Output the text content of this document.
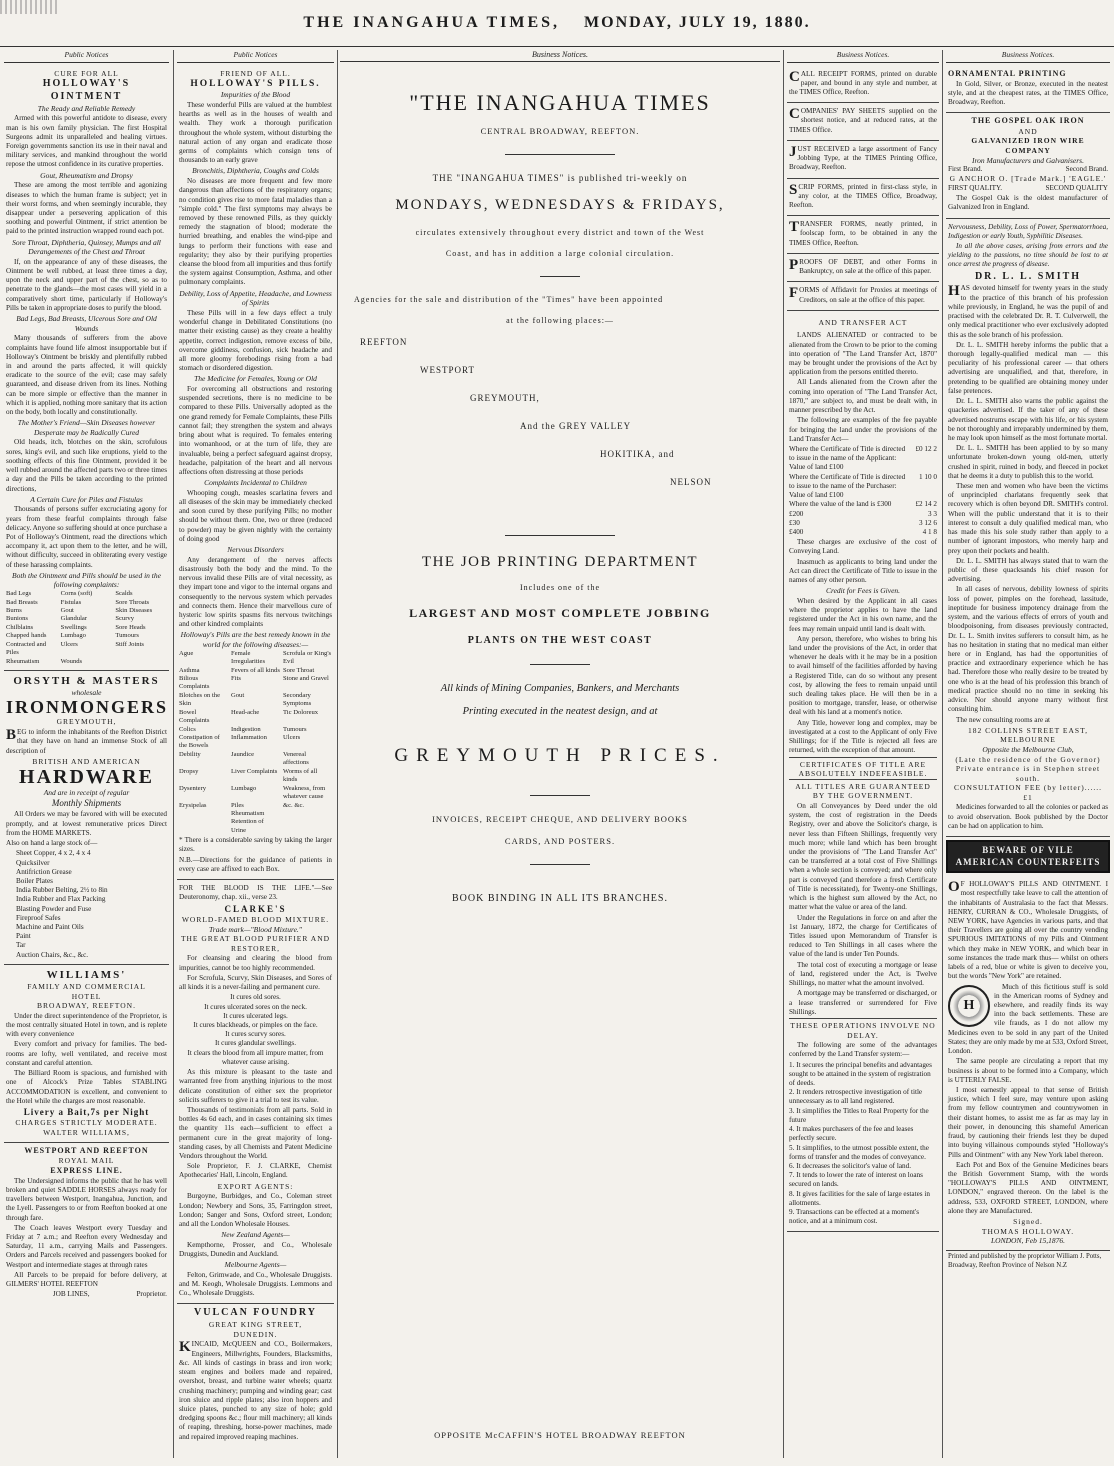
THE INANGAHUA TIMES, MONDAY, JULY 19, 1880.
Public Notices
CURE FOR ALL
HOLLOWAY'S OINTMENT
The Ready and Reliable Remedy

Armed with this powerful antidote to disease, every man is his own family physician. The first Hospital Surgeons admit its unparalleled and healing virtues. Foreign governments sanction its use in their naval and military services, and mankind throughout the world repose the utmost confidence in its curative properties.

Gout, Rheumatism and Dropsy

These are among the most terrible and agonizing diseases to which the human frame is subject; yet in their worst forms, and when seemingly incurable, they disappear under a persevering application of this soothing and powerful Ointment, if strict attention be paid to the printed instruction wrapped round each pot.

Sore Throat, Diphtheria, Quinsey, Mumps and all Derangements of the Chest and Throat

If, on the appearance of any of these diseases, the Ointment be well rubbed, at least three times a day, upon the neck and upper part of the chest, so as to penetrate to the glands—the most cases will yield in a comparatively short time, particularly if Holloway's Pills be taken in appropriate doses to purify the blood.

Bad Legs, Bad Breasts, Ulcerous Sore and Old Wounds

Many thousands of sufferers from the above complaints have found life almost insupportable but if Holloway's Ointment be briskly and plentifully rubbed in and around the parts affected, it will quickly eradicate to the source of the evil; case may safely guaranteed, and disease driven from its lines. Nothing can be more simple or effective than the manner in which it is applied, nothing more sanitary that its action on the body, both locally and constitutionally.

The Mother's Friend—Skin Diseases however Desperate may be Radically Cured

Old heads, itch, blotches on the skin, scrofulous sores, king's evil, and such like eruptions, yield to the soothing effects of this fine Ointment, provided it be well rubbed around the affected parts two or three times a day and the Pills be taken according to the printed directions,

A Certain Cure for Piles and Fistulas

Thousands of persons suffer excruciating agony for years from these fearful complaints through false delicacy. Anyone so suffering should at once purchase a Pot of Holloway's Ointment, read the directions which accompany it, act upon them to the letter, and he will, without difficulty, succeed in obliterating every vestige of these harassing complaints.

Both the Ointment and Pills should be used in the following complaints:
Bad Legs	Corns (soft)	Scalds
Bad Breasts	Fistulas	Sore Throats
Burns	Gout	Skin Diseases
Bunions	Glandular	Scurvy
Chilblains	Swellings	Sore Heads
Chapped hands	Lumbago	Tumours
Contracted and Piles
Ulcers	Stiff Joints
Rheumatism	Wounds
ORSYTH & MASTERS
wholesale
IRONMONGERS
GREYMOUTH,

BEG to inform the inhabitants of the Reefton District that they have on hand an immense Stock of all description of

BRITISH AND AMERICAN
HARDWARE
And are in receipt of regular
Monthly Shipments

All Orders we may be favored with will be executed promptly, and at lowest remunerative prices Direct from the HOME MARKETS.

Also on hand a large stock of—

Sheet Copper, 4 x 2, 4 x 4
Quicksilver
Antifriction Grease
Boiler Plates
India Rubber Belting, 2½ to 8in
India Rubber and Flax Packing
Blasting Powder and Fuse
Fireproof Safes
Machine and Paint Oils
Paint
Tar
Auction Chairs, &c., &c.
WILLIAMS'
FAMILY AND COMMERCIAL
HOTEL
BROADWAY, REEFTON.

Under the direct superintendence of the Proprietor, is the most centrally situated Hotel in town, and is replete with every convenience

Every comfort and privacy for families. The bed-rooms are lofty, well ventilated, and receive most constant and careful attention.

The Billiard Room is spacious, and furnished with one of Alcock's Prize Tables STABLING ACCOMMODATION is excellent, and convenient to the Hotel while the charges are most reasonable.

Livery a Bait,7s per Night
CHARGES STRICTLY MODERATE.
WALTER WILLIAMS,
WESTPORT AND REEFTON
ROYAL MAIL
EXPRESS LINE.

The Undersigned informs the public that he has well broken and quiet SADDLE HORSES always ready for travellers between Westport, Inangahua, Junction, and the Lyell. Passengers to or from Reefton booked at one through fare.

The Coach leaves Westport every Tuesday and Friday at 7 a.m.; and Reefton every Wednesday and Saturday, 11 a.m., carrying Mails and Passengers. Orders and Parcels received and passengers booked for Westport and intermediate stages at through rates

All Parcels to be prepaid for before delivery, at GILMERS' HOTEL REEFTON

JOB LINES,	Proprietor.
Public Notices
FRIEND OF ALL.
HOLLOWAY'S PILLS.
Impurities of the Blood

These wonderful Pills are valued at the humblest hearths as well as in the houses of wealth and wealth. They work a thorough purification throughout the whole system, without disturbing the natural action of any organ and eradicate those germs of complaints which consign tens of thousands to an early grave

Bronchitis, Diphtheria, Coughs and Colds

No diseases are more frequent and few more dangerous than affections of the respiratory organs; no condition gives rise to more fatal maladies than a "simple cold." The first symptoms may always be removed by these renowned Pills, as they quickly remedy the stagnation of blood; moderate the hurried breathing, and enables the wind-pipe and lungs to perform their functions with ease and regularity; they also by their purifying properties cleanse the blood from all impurities and thus fortify the system against Consumption, Asthma, and other pulmonary complaints.

Debility, Loss of Appetite, Headache, and Lowness of Spirits

These Pills will in a few days effect a truly wonderful change in Debilitated Constitutions (no matter their existing cause) as they create a healthy appetite, correct indigestion, remove excess of bile, overcome giddiness, confusion, sick headache and all more gloomy forebodings rising from a bad stomach or disordered digestion.

The Medicine for Females, Young or Old

For overcoming all obstructions and restoring suspended secretions, there is no medicine to be compared to these Pills. Universally adopted as the one grand remedy for Female Complaints, these Pills cannot fail; they strengthen the system and always bring about what is required. To females entering into womanhood, or at the turn of life, they are invaluable, being a perfect safeguard against dropsy, headache, palpitation of the heart and all nervous affections often distressing at those periods

Complaints Incidental to Children

Whooping cough, measles scarlatina fevers and all diseases of the skin may be immediately checked and soon cured by these purifying Pills; no mother should be without them. One, two or three (reduced to powder) may be given nightly with the certainty of doing good

Nervous Disorders

Any derangement of the nerves affects disastrously both the body and the mind. To the nervous invalid these Pills are of vital necessity, as they impart tone and vigor to the internal organs and consequently to the nervous system which pervades and connects them. Hence their marvellous cure of hysteric low spirits spasms fits nervous twitchings and other kindred complaints

Holloway's Pills are the best remedy known in the world for the following diseases:—
Ague	Female Irregularities
Scrofula or King's Evil
Asthma	Fevers of all kinds Sore Throat
Bilious Complaints
Fits	Stone and Gravel
Blotches on the Skin
Gout	Secondary Symptoms
Bowel Complaints
Head-ache	Tic Doloreux
Colics	Indigestion	Tumours
Constipation of the Bowels
Inflammation	Ulcers
Debility	Jaundice	Venereal affections
Dropsy	Liver Complaints Worms of all kinds
Dysentery	Lumbago	Weakness, from whatever cause
Erysipelas	Piles	&c. &c.
Rheumatism
Retention of Urine

* There is a considerable saving by taking the larger sizes.

N.B.—Directions for the guidance of patients in every case are affixed to each Box.

FOR THE BLOOD IS THE LIFE."—See Deuteronomy, chap. xii., verse 23.

CLARKE'S
WORLD-FAMED BLOOD MIXTURE.
Trade mark—"Blood Mixture."
THE GREAT BLOOD PURIFIER AND RESTORER,

For cleansing and clearing the blood from impurities, cannot be too highly recommended.

For Scrofula, Scurvy, Skin Diseases, and Sores of all kinds it is a never-failing and permanent cure.

It cures old sores.
It cures ulcerated sores on the neck.
It cures ulcerated legs.
It cures blackheads, or pimples on the face.
It cures scurvy sores.
It cures glandular swellings.
It clears the blood from all impure matter, from whatever cause arising.

As this mixture is pleasant to the taste and warranted free from anything injurious to the most delicate constitution of either sex the proprietor solicits sufferers to give it a trial to test its value.

Thousands of testimonials from all parts. Sold in bottles 4s 6d each, and in cases containing six times the quantity 11s each—sufficient to effect a permanent cure in the great majority of long-standing cases, by all Chemists and Patent Medicine Vendors throughout the World.

Sole Proprietor, F. J. CLARKE, Chemist Apothecaries' Hall, Lincoln, England.

EXPORT AGENTS:

Burgoyne, Burbidges, and Co., Coleman street London; Newbery and Sons, 35, Farringdon street, London; Sanger and Sons, Oxford street, London; and all the London Wholesale Houses.

New Zealand Agents—

Kempthorne, Prosser, and Co., Wholesale Druggists, Dunedin and Auckland.

Melbourne Agents—

Felton, Grimwade, and Co., Wholesale Druggists. and M. Keogh, Wholesale Druggists. Lemmons and Co., Wholesale Druggists.

VULCAN FOUNDRY
GREAT KING STREET,
DUNEDIN.

KINCAID, McQUEEN and CO., Boilermakers, Engineers, Millwrights, Founders, Blacksmiths, &c. All kinds of castings in brass and iron work; steam engines and boilers made and repaired, overshot, breast, and turbine water wheels; quartz crushing machinery; pumping and winding gear; cast iron sluice and ripple plates; also iron hoppers and sluice plates, punched to any size of hole; gold dredging spoons &c.; flour mill machinery; all kinds of reaping, threshing, horse-power machines, made and repaired improved reaping machines.

Business Notices.
"THE INANGAHUA TIMES
CENTRAL BROADWAY, REEFTON.
THE "INANGAHUA TIMES" is published tri-weekly on
MONDAYS, WEDNESDAYS & FRIDAYS,
circulates extensively throughout every district and town of the West
Coast, and has in addition a large colonial circulation.
Agencies for the sale and distribution of the "Times" have been appointed
at the following places:—
REEFTON
WESTPORT
GREYMOUTH,
And the GREY VALLEY
HOKITIKA, and
NELSON
THE JOB PRINTING DEPARTMENT
Includes one of the
LARGEST AND MOST COMPLETE JOBBING
PLANTS ON THE WEST COAST
All kinds of Mining Companies, Bankers, and Merchants
Printing executed in the neatest design, and at
GREYMOUTH PRICES.
INVOICES, RECEIPT CHEQUE, AND DELIVERY BOOKS
CARDS, AND POSTERS.
BOOK BINDING IN ALL ITS BRANCHES.
OPPOSITE McCAFFIN'S HOTEL BROADWAY REEFTON
Business Notices.

CALL RECEIPT FORMS, printed on durable paper, and bound in any style and number, at the TIMES Office, Reefton.

COMPANIES' PAY SHEETS supplied on the shortest notice, and at reduced rates, at the TIMES Office.

JUST RECEIVED a large assortment of Fancy Jobbing Type, at the TIMES Printing Office, Broadway, Reefton.

SCRIP FORMS, printed in first-class style, in any color, at the TIMES Office, Broadway, Reefton.

TRANSFER FORMS, neatly printed, in foolscap form, to be obtained in any the TIMES Office, Reefton.

PROOFS OF DEBT, and other Forms in Bankruptcy, on sale at the office of this paper.

FORMS of Affidavit for Proxies at meetings of Creditors, on sale at the office of this paper.

AND TRANSFER ACT

LANDS ALIENATED or contracted to be alienated from the Crown to be prior to the coming into operation of "The Land Transfer Act, 1870" may be brought under the provisions of the Act by application from the persons entitled thereto.

All Lands alienated from the Crown after the coming into operation of "The Land Transfer Act, 1870," are subject to, and must be dealt with, in manner prescribed by the Act.

The following are examples of the fee payable for bringing the land under the provisions of the Land Transfer Act—

Where the Certificate of Title is directed to issue in the name of the Applicant: Value of land £100
£0 12 2
Where the Certificate of Title is directed to issue to the name of the Purchaser: Value of land £100
1 10 0
Where the value of the land is £300	£2 14 2
£200	3 3
£30	3 12 6
£400	4 1 8

These charges are exclusive of the cost of Conveying Land.

Inasmuch as applicants to bring land under the Act can direct the Certificate of Title to issue in the names of any other person.

Credit for Fees is Given.

When desired by the Applicant in all cases where the proprietor applies to have the land registered under the Act in his own name, and the fees may remain unpaid until land is dealt with.

Any person, therefore, who wishes to bring his land under the provisions of the Act, in order that whenever he deals with it he may be in a position to avail himself of the facilities afforded by having a Registered Title, can do so without any present cost, by allowing the fees to remain unpaid until such dealing takes place. He will then be in a position to mortgage, transfer, lease, or otherwise deal with his land at a moment's notice.

Any Title, however long and complex, may be investigated at a cost to the Applicant of only Five Shillings; for if the Title is rejected all fees are returned, with the exception of that amount.

CERTIFICATES OF TITLE ARE ABSOLUTELY INDEFEASIBLE.
ALL TITLES ARE GUARANTEED BY THE GOVERNMENT.

On all Conveyances by Deed under the old system, the cost of registration in the Deeds Registry, over and above the Solicitor's charge, is never less than Fifteen Shillings, frequently very much more; while land which has been brought under the provisions of "The Land Transfer Act" can be transferred at a total cost of Five Shillings when a whole section is conveyed; and where only part is conveyed (and therefore a fresh Certificate of Title is necessitated), for Twenty-one Shillings, which is the highest sum allowed by the Act, no matter what the value or area of the land.

Under the Regulations in force on and after the 1st January, 1872, the charge for Certificates of Titles issued upon Memorandum of Transfer is reduced to Ten Shillings in all cases where the value of the land is under Ten Pounds.

The total cost of executing a mortgage or lease of land, registered under the Act, is Twelve Shillings, no matter what the amount involved.

A mortgage may be transferred or discharged, or a lease transferred or surrendered for Five Shillings.

THESE OPERATIONS INVOLVE NO DELAY.

The following are some of the advantages conferred by the Land Transfer system:—

1. It secures the principal benefits and advantages sought to be attained in the system of registration of deeds.
2. It renders retrospective investigation of title unnecessary as to all land registered.
3. It simplifies the Titles to Real Property for the future
4. It makes purchasers of the fee and leases perfectly secure.
5. It simplifies, to the utmost possible extent, the forms of transfer and the modes of conveyance.
6. It decreases the solicitor's value of land.
7. It tends to lower the rate of interest on loans secured on lands.
8. It gives facilities for the sale of large estates in allotments.
9. Transactions can be effected at a moment's notice, and at a minimum cost.
Business Notices.
ORNAMENTAL PRINTING

In Gold, Silver, or Bronze, executed in the neatest style, and at the cheapest rates, at the TIMES Office, Broadway, Reefton.

THE GOSPEL OAK IRON
AND
GALVANIZED IRON WIRE COMPANY
Iron Manufacturers and Galvanisers.
First Brand.	Second Brand.
G ANCHOR O. [Trade Mark.] 'EAGLE.'
FIRST QUALITY.	SECOND QUALITY

The Gospel Oak is the oldest manufacturer of Galvanized Iron in England.

Nervousness, Debility, Loss of Power, Spermatorrhoea, Indigestion or early Youth, Syphilitic Diseases.

In all the above cases, arising from errors and the yielding to the passions, no time should be lost to at once arrest the progress of disease.

DR. L. L. SMITH

HAS devoted himself for twenty years in the study to the practice of this branch of his profession while previously, in England, he was the pupil of and practised with the celebrated Dr. R. T. Culverwell, the only medical practitioner who ever exclusively adopted this as the sole branch of his profession.

Dr. L. L. SMITH hereby informs the public that a thorough legally-qualified medical man — this peculiarity of his professional career — that others advertising are unqualified, and that, therefore, in pretending to be qualified are obtaining money under false pretences.

Dr. L. L. SMITH also warns the public against the quackeries advertised. If the taker of any of these advertised nostrums escape with his life, or his system be not thoroughly and irreparably undermined by them, he may look upon himself as the most fortunate mortal.

Dr. L. L. SMITH has been applied to by so many unfortunate broken-down young old-men, utterly crushed in spirit, ruined in body, and fleeced in pocket that he deems it a duty to publish this to the world.

These men and women who have been the victims of unprincipled charlatans frequently seek that recovery which is often beyond DR. SMITH's control. When will the public understand that it is to their interest to consult a duly qualified medical man, who has made this his sole study rather than apply to a number of ignorant impostors, who merely harp and prey upon their pockets and health.

Dr. L. L. SMITH has always stated that to warn the public of these quacksands his chief reason for advertising.

In all cases of nervous, debility lowness of spirits loss of power, pimples on the forehead, lassitude, ineptitude for business impotency drainage from the system, and the various effects of errors of youth and bloodpoisoning, from diseases previously contracted, Dr. L. L. Smith invites sufferers to consult him, as he has no hesitation in stating that no medical man either here or in England, has had the opportunities of practice and extraordinary experience which he has had. Therefore those who really desire to be treated by one who is at the head of his profession this branch of medical practice should no no time in seeking his advice. Nor should anyone marry without first consulting him.

The new consulting rooms are at

182 COLLINS STREET EAST, MELBOURNE
Opposite the Melbourne Club,
(Late the residence of the Governor) Private entrance is in Stephen street south.
CONSULTATION FEE (by letter)...... £1

Medicines forwarded to all the colonies or packed as to avoid observation. Book published by the Doctor can be had on application to him.

BEWARE OF VILE
AMERICAN COUNTERFEITS

OF HOLLOWAY'S PILLS AND OINTMENT. I most respectfully take leave to call the attention of the inhabitants of Australasia to the fact that Messrs. HENRY, CURRAN & CO., Wholesale Druggists, of NEW YORK, have Agencies in various parts, and that their Travellers are going all over the country vending SPURIOUS IMITATIONS of my Pills and Ointment which they make in NEW YORK, and which bear in some instances the trade mark thus— whilst on others labels of a red, blue or white is given to deceive you, but the words "New York" are retained.

H

Much of this fictitious stuff is sold in the American rooms of Sydney and elsewhere, and readily finds its way into the back settlements. These are vile frauds, as I do not allow my Medicines even to be sold in any part of the United States; they are only made by me at 533, Oxford Street, London.

The same people are circulating a report that my business is about to be formed into a Company, which is UTTERLY FALSE.

I most earnestly appeal to that sense of British justice, which I feel sure, may venture upon asking from my fellow countrymen and countrywomen in their distant homes, to assist me as far as may lay in their power, in denouncing this shameful American fraud, by cautioning their friends lest they be duped into buying villainous compounds styled "Holloway's Pills and Ointment" with any New York label thereon.

Each Pot and Box of the Genuine Medicines bears the British Government Stamp, with the words "HOLLOWAY'S PILLS AND OINTMENT, LONDON," engraved thereon. On the label is the address, 533, OXFORD STREET, LONDON, where alone they are Manufactured.

Signed.
THOMAS HOLLOWAY.
LONDON, Feb 15,1876.

Printed and published by the proprietor William J. Potts, Broadway, Reefton Province of Nelson N.Z
